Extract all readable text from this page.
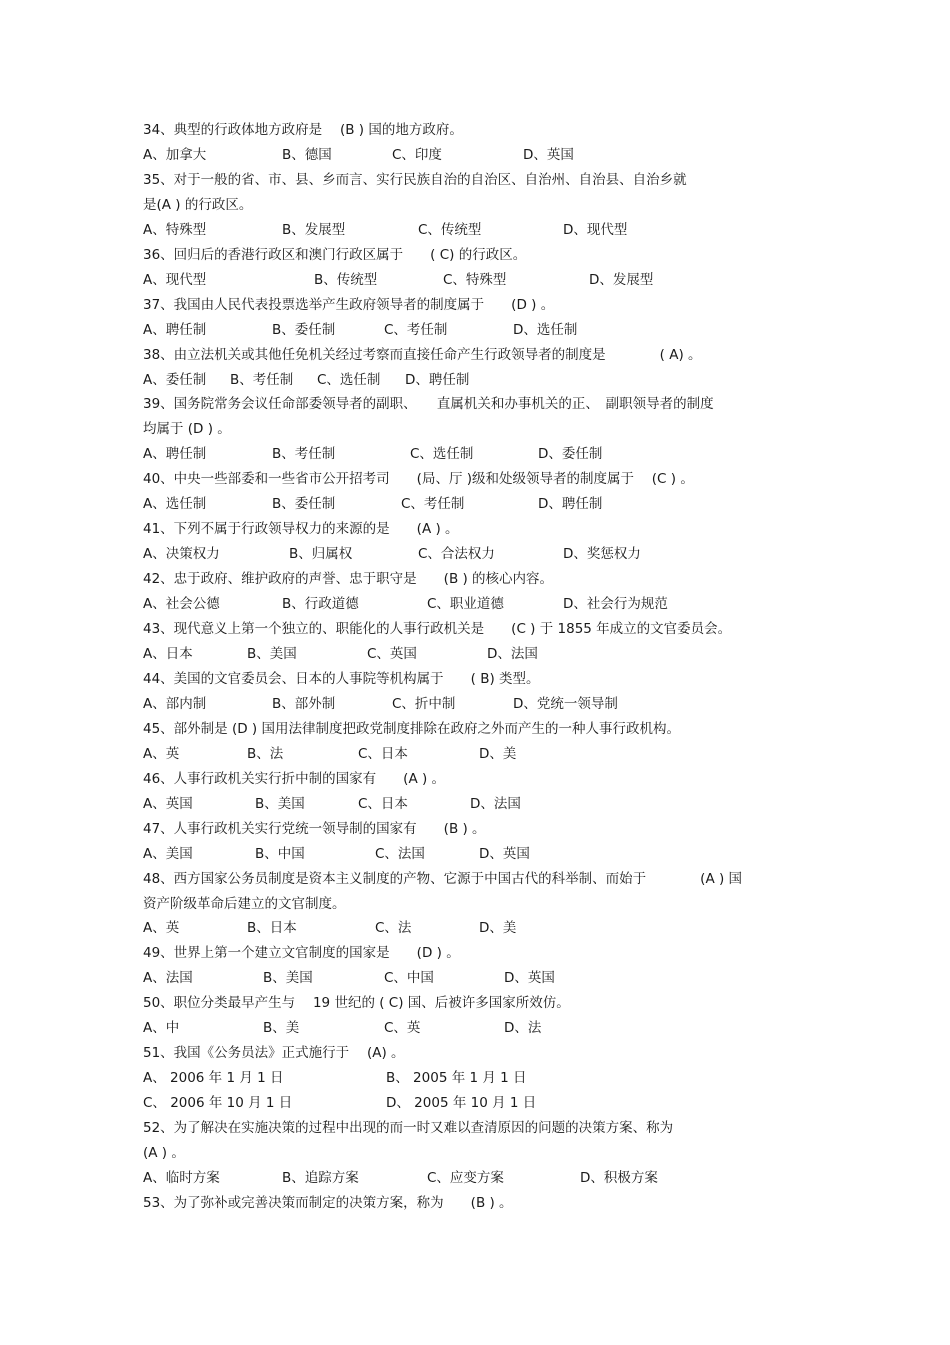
34、典型的行政体地方政府是　 (B ) 国的地方政府。
A、加拿大	B、德国	C、印度	D、英国
35、对于一般的省、市、县、乡而言、实行民族自治的自治区、自治州、自治县、自治乡就
是(A ) 的行政区。
A、特殊型	B、发展型	C、传统型	D、现代型
36、回归后的香港行政区和澳门行政区属于　　( C) 的行政区。
A、现代型	B、传统型	C、特殊型	D、发展型
37、我国由人民代表投票选举产生政府领导者的制度属于　　(D ) 。
A、聘任制	B、委任制	C、考任制	D、选任制
38、由立法机关或其他任免机关经过考察而直接任命产生行政领导者的制度是　　　　( A) 。
A、委任制 B、考任制 C、选任制 D、聘任制
39、国务院常务会议任命部委领导者的副职、　　直属机关和办事机关的正、　副职领导者的制度
均属于 (D ) 。
A、聘任制	B、考任制	C、选任制	D、委任制
40、中央一些部委和一些省市公开招考司　　(局、厅 )级和处级领导者的制度属于　 (C ) 。
A、选任制	B、委任制	C、考任制	D、聘任制
41、下列不属于行政领导权力的来源的是　　(A ) 。
A、决策权力	B、归属权	C、合法权力	D、奖惩权力
42、忠于政府、维护政府的声誉、忠于职守是　　(B ) 的核心内容。
A、社会公德	B、行政道德	C、职业道德	D、社会行为规范
43、现代意义上第一个独立的、职能化的人事行政机关是　　(C ) 于 1855 年成立的文官委员会。
A、日本	B、美国	C、英国	D、法国
44、美国的文官委员会、日本的人事院等机构属于　　( B) 类型。
A、部内制	B、部外制	C、折中制	D、党统一领导制
45、部外制是 (D ) 国用法律制度把政党制度排除在政府之外而产生的一种人事行政机构。
A、英	B、法	C、日本	D、美
46、人事行政机关实行折中制的国家有　　(A ) 。
A、英国	B、美国	C、日本	D、法国
47、人事行政机关实行党统一领导制的国家有　　(B ) 。
A、美国	B、中国	C、法国	D、英国
48、西方国家公务员制度是资本主义制度的产物、它源于中国古代的科举制、而始于　　　　(A ) 国
资产阶级革命后建立的文官制度。
A、英	B、日本	C、法	D、美
49、世界上第一个建立文官制度的国家是　　(D ) 。
A、法国	B、美国	C、中国	D、英国
50、职位分类最早产生与　 19 世纪的 ( C) 国、后被许多国家所效仿。
A、中	B、美	C、英	D、法
51、我国《公务员法》正式施行于　 (A) 。
A、 2006 年 1 月 1 日	B、 2005 年 1 月 1 日
C、 2006 年 10 月 1 日	D、 2005 年 10 月 1 日
52、为了解决在实施决策的过程中出现的而一时又难以查清原因的问题的决策方案、称为
(A ) 。
A、临时方案	B、追踪方案	C、应变方案	D、积极方案
53、为了弥补或完善决策而制定的决策方案，称为　　(B ) 。
